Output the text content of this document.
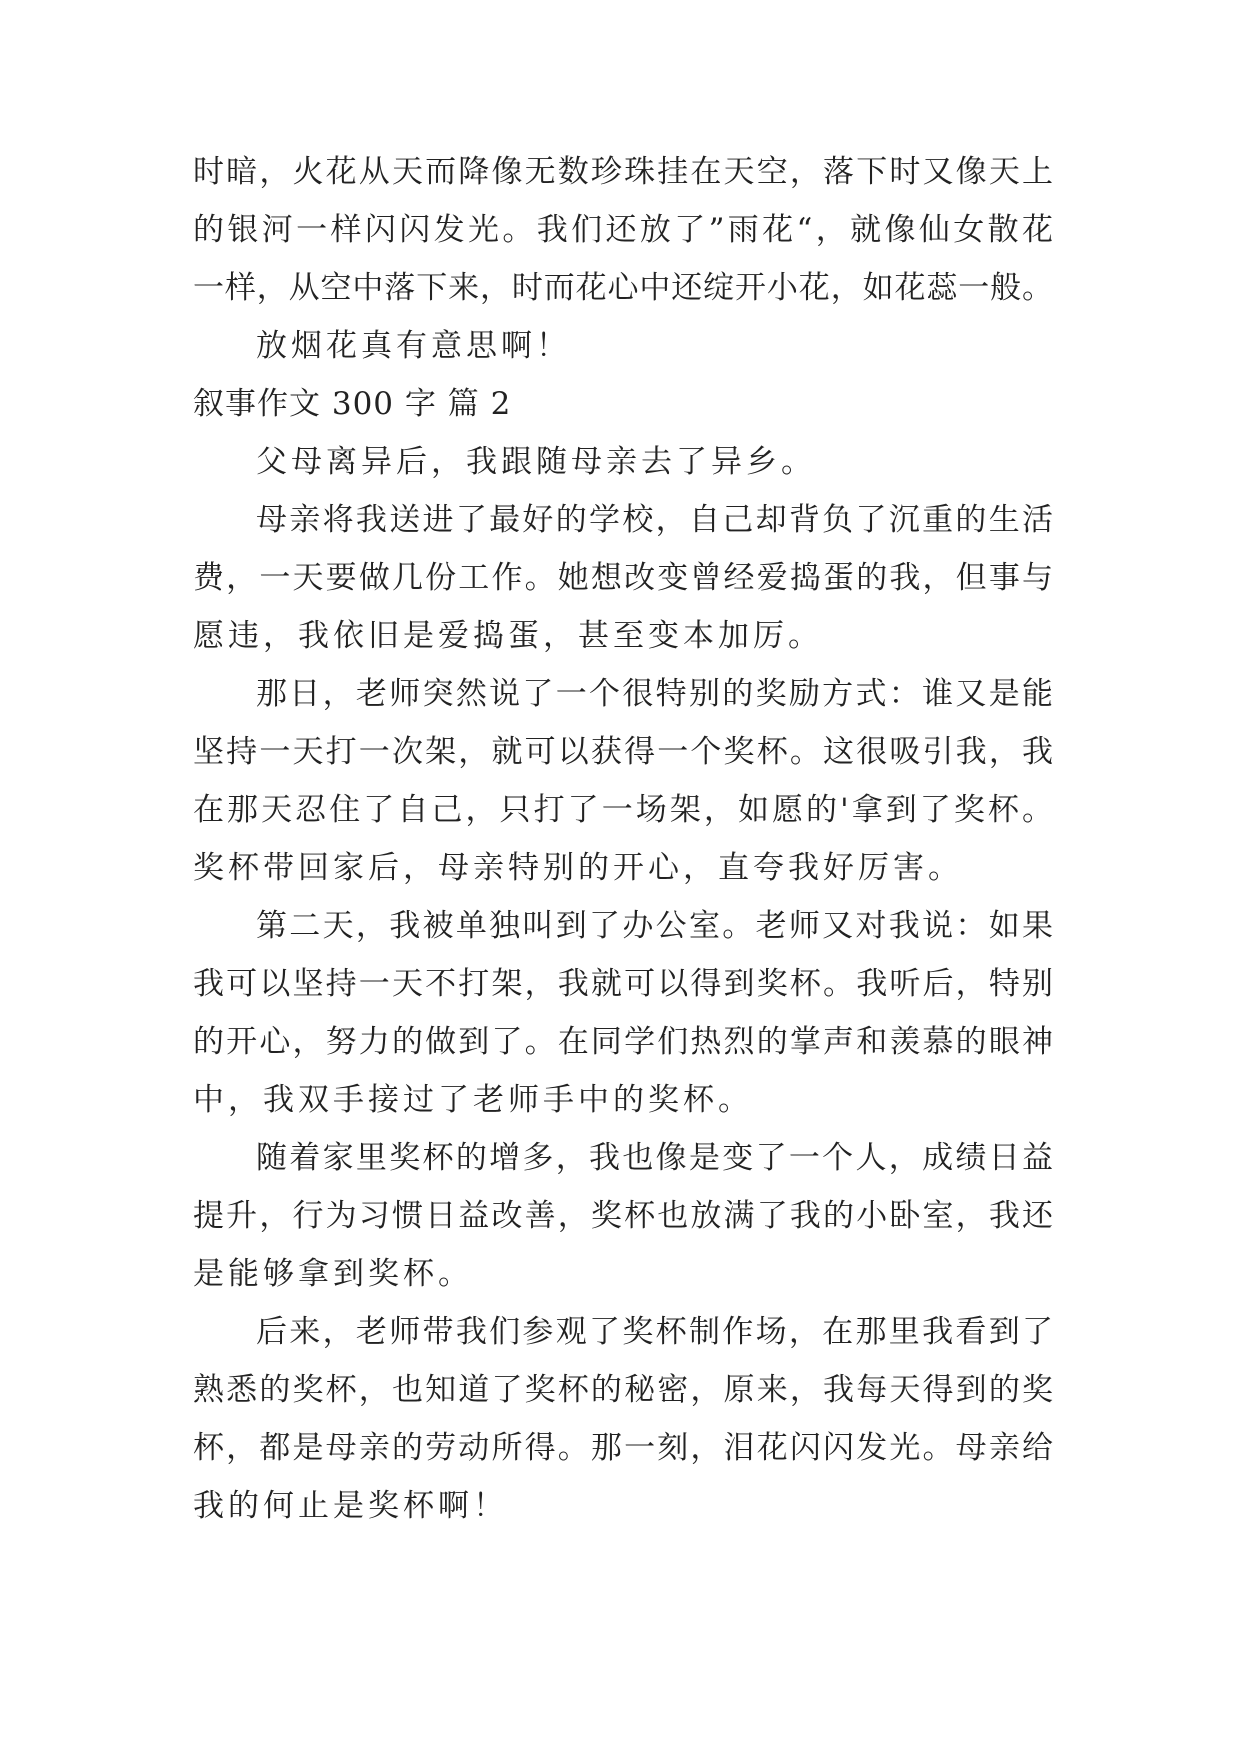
时暗，火花从天而降像无数珍珠挂在天空，落下时又像天上
的银河一样闪闪发光。我们还放了”雨花“，就像仙女散花
一样，从空中落下来，时而花心中还绽开小花，如花蕊一般。
放烟花真有意思啊！
叙事作文 300 字 篇 2
父母离异后，我跟随母亲去了异乡。
母亲将我送进了最好的学校，自己却背负了沉重的生活
费，一天要做几份工作。她想改变曾经爱捣蛋的我，但事与
愿违，我依旧是爱捣蛋，甚至变本加厉。
那日，老师突然说了一个很特别的奖励方式：谁又是能
坚持一天打一次架，就可以获得一个奖杯。这很吸引我，我
在那天忍住了自己，只打了一场架，如愿的'拿到了奖杯。
奖杯带回家后，母亲特别的开心，直夸我好厉害。
第二天，我被单独叫到了办公室。老师又对我说：如果
我可以坚持一天不打架，我就可以得到奖杯。我听后，特别
的开心，努力的做到了。在同学们热烈的掌声和羡慕的眼神
中，我双手接过了老师手中的奖杯。
随着家里奖杯的增多，我也像是变了一个人，成绩日益
提升，行为习惯日益改善，奖杯也放满了我的小卧室，我还
是能够拿到奖杯。
后来，老师带我们参观了奖杯制作场，在那里我看到了
熟悉的奖杯，也知道了奖杯的秘密，原来，我每天得到的奖
杯，都是母亲的劳动所得。那一刻，泪花闪闪发光。母亲给
我的何止是奖杯啊！
